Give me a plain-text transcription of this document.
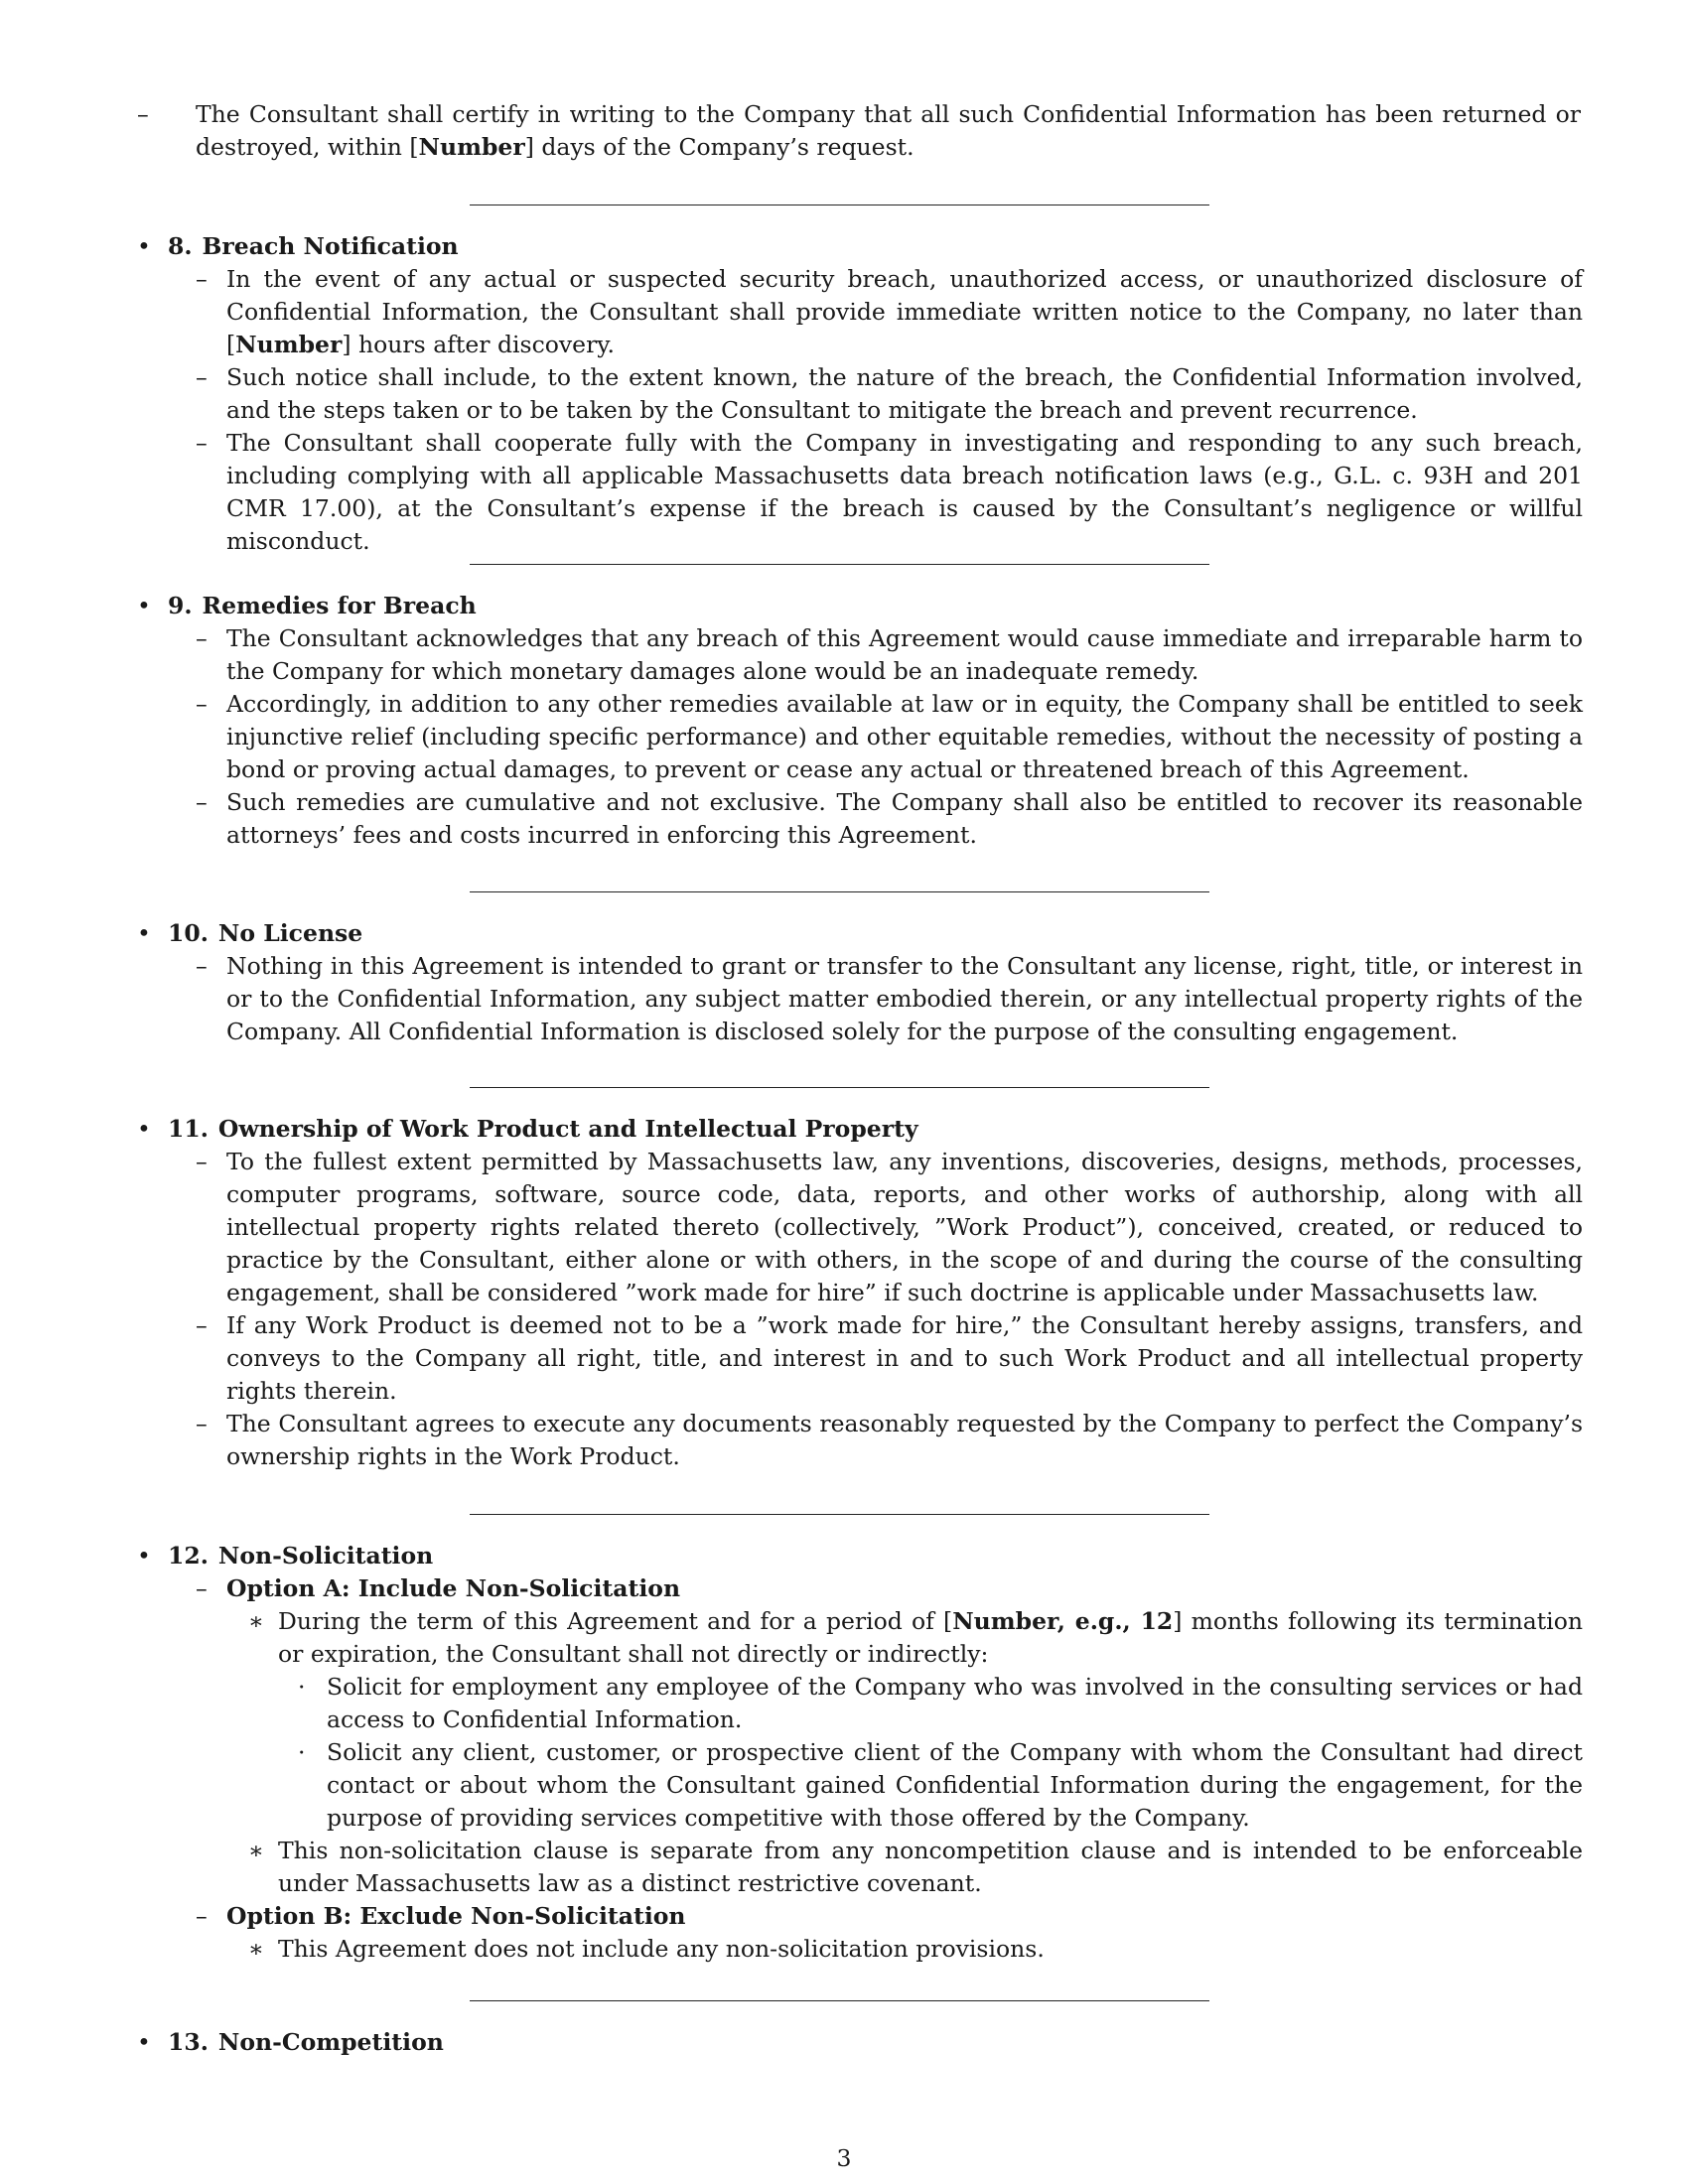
– The Consultant shall certify in writing to the Company that all such Confidential Information has been returned or destroyed, within [Number] days of the Company’s request.
• 8. Breach Notification
– In the event of any actual or suspected security breach, unauthorized access, or unauthorized disclosure of Confidential Information, the Consultant shall provide immediate written notice to the Company, no later than [Number] hours after discovery.
– Such notice shall include, to the extent known, the nature of the breach, the Confidential Information involved, and the steps taken or to be taken by the Consultant to mitigate the breach and prevent recurrence.
– The Consultant shall cooperate fully with the Company in investigating and responding to any such breach, including complying with all applicable Massachusetts data breach notification laws (e.g., G.L. c. 93H and 201 CMR 17.00), at the Consultant’s expense if the breach is caused by the Consultant’s negligence or willful misconduct.
• 9. Remedies for Breach
– The Consultant acknowledges that any breach of this Agreement would cause immediate and irreparable harm to the Company for which monetary damages alone would be an inadequate remedy.
– Accordingly, in addition to any other remedies available at law or in equity, the Company shall be entitled to seek injunctive relief (including specific performance) and other equitable remedies, without the necessity of posting a bond or proving actual damages, to prevent or cease any actual or threatened breach of this Agreement.
– Such remedies are cumulative and not exclusive. The Company shall also be entitled to recover its reasonable attorneys’ fees and costs incurred in enforcing this Agreement.
• 10. No License
– Nothing in this Agreement is intended to grant or transfer to the Consultant any license, right, title, or interest in or to the Confidential Information, any subject matter embodied therein, or any intellectual property rights of the Company. All Confidential Information is disclosed solely for the purpose of the consulting engagement.
• 11. Ownership of Work Product and Intellectual Property
– To the fullest extent permitted by Massachusetts law, any inventions, discoveries, designs, methods, processes, computer programs, software, source code, data, reports, and other works of authorship, along with all intellectual property rights related thereto (collectively, ”Work Product”), conceived, created, or reduced to practice by the Consultant, either alone or with others, in the scope of and during the course of the consulting engagement, shall be considered ”work made for hire” if such doctrine is applicable under Massachusetts law.
– If any Work Product is deemed not to be a ”work made for hire,” the Consultant hereby assigns, transfers, and conveys to the Company all right, title, and interest in and to such Work Product and all intellectual property rights therein.
– The Consultant agrees to execute any documents reasonably requested by the Company to perfect the Company’s ownership rights in the Work Product.
• 12. Non-Solicitation
– Option A: Include Non-Solicitation
∗ During the term of this Agreement and for a period of [Number, e.g., 12] months following its termination or expiration, the Consultant shall not directly or indirectly:
· Solicit for employment any employee of the Company who was involved in the consulting services or had access to Confidential Information.
· Solicit any client, customer, or prospective client of the Company with whom the Consultant had direct contact or about whom the Consultant gained Confidential Information during the engagement, for the purpose of providing services competitive with those offered by the Company.
∗ This non-solicitation clause is separate from any noncompetition clause and is intended to be enforceable under Massachusetts law as a distinct restrictive covenant.
– Option B: Exclude Non-Solicitation
∗ This Agreement does not include any non-solicitation provisions.
• 13. Non-Competition
3
